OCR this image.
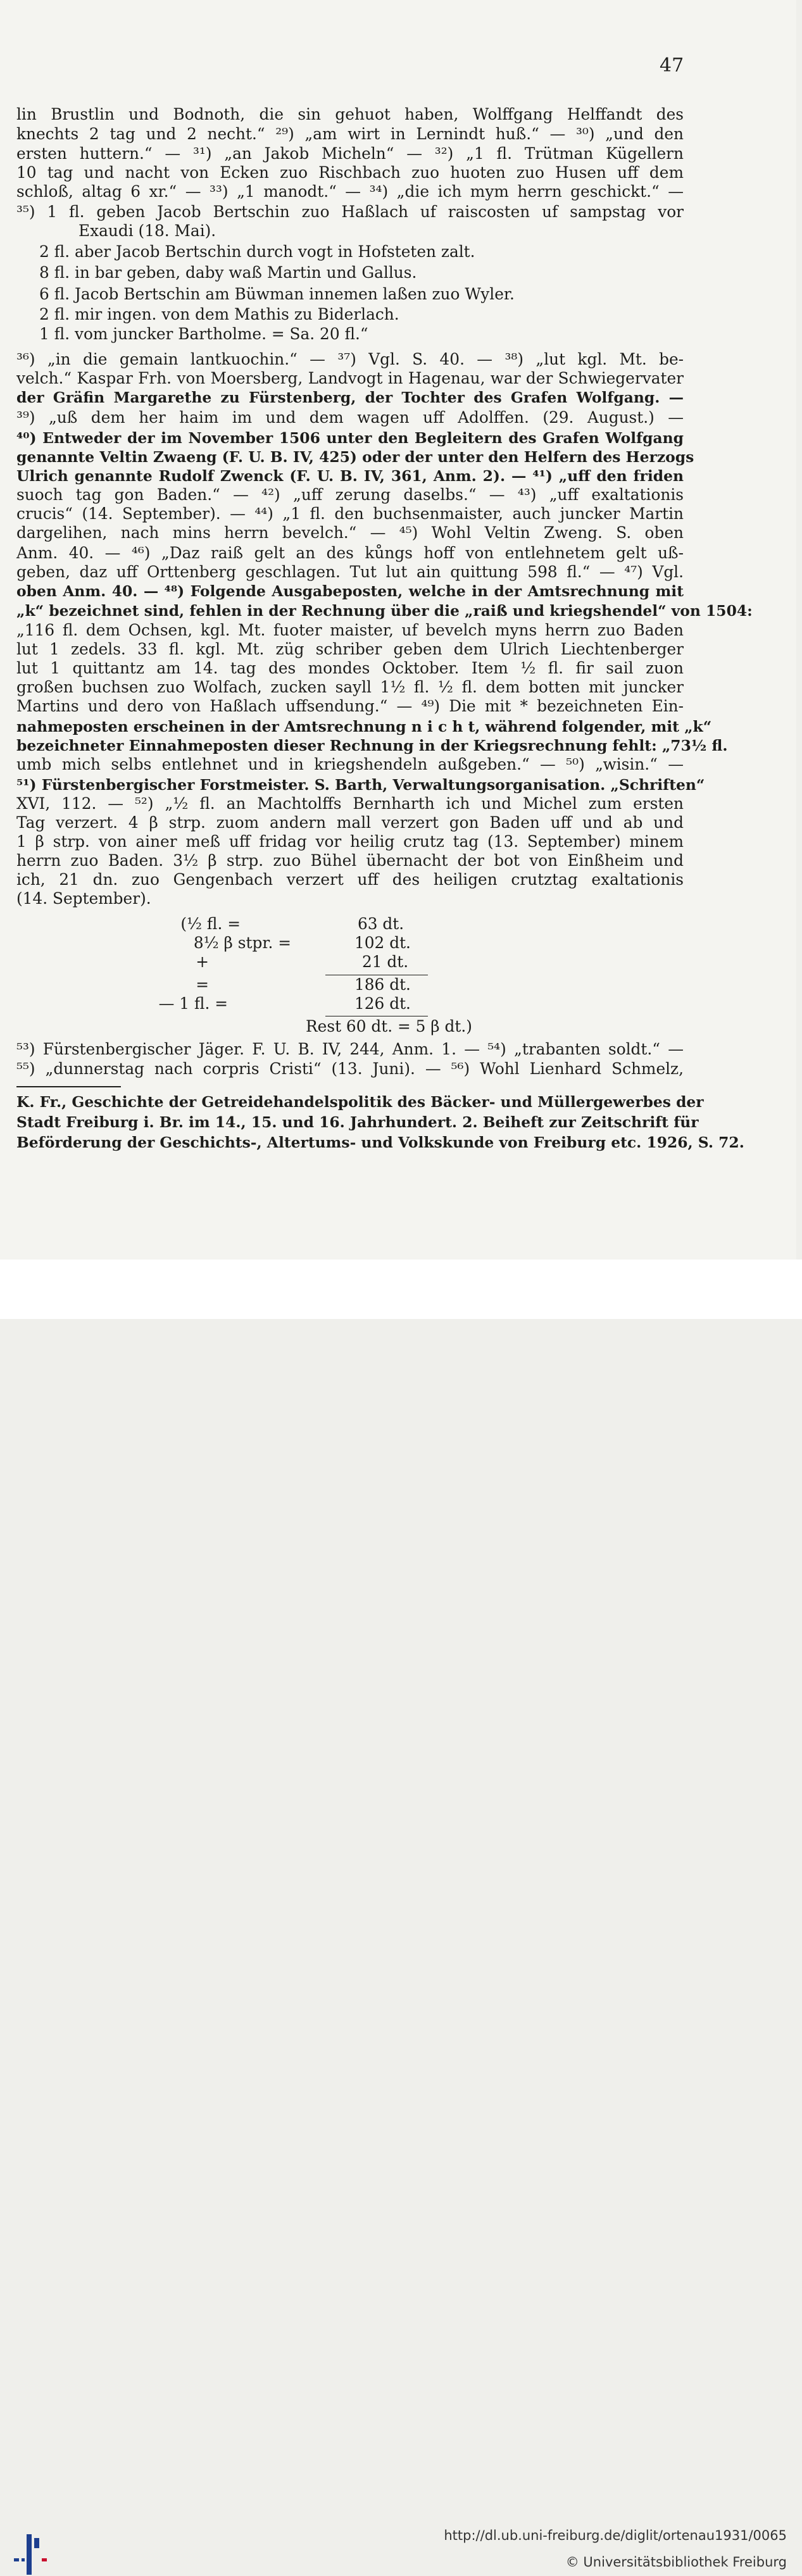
47
lin Brustlin und Bodnoth, die sin gehuot haben, Wolffgang Helffandt des
knechts 2 tag und 2 necht.“ ²⁹) „am wirt in Lernindt huß.“ — ³⁰) „und den
ersten huttern.“ — ³¹) „an Jakob Micheln“ — ³²) „1 fl. Trütman Kügellern
10 tag und nacht von Ecken zuo Rischbach zuo huoten zuo Husen uff dem
schloß, altag 6 xr.“ — ³³) „1 manodt.“ — ³⁴) „die ich mym herrn geschickt.“ —
³⁵) 1 fl. geben Jacob Bertschin zuo Haßlach uf raiscosten uf sampstag vor
Exaudi (18. Mai).
2 fl. aber Jacob Bertschin durch vogt in Hofsteten zalt.
8 fl. in bar geben, daby waß Martin und Gallus.
6 fl. Jacob Bertschin am Büwman innemen laßen zuo Wyler.
2 fl. mir ingen. von dem Mathis zu Biderlach.
1 fl. vom juncker Bartholme. = Sa. 20 fl.“
³⁶) „in die gemain lantkuochin.“ — ³⁷) Vgl. S. 40. — ³⁸) „lut kgl. Mt. be-
velch.“ Kaspar Frh. von Moersberg, Landvogt in Hagenau, war der Schwiegervater
der Gräfin Margarethe zu Fürstenberg, der Tochter des Grafen Wolfgang. —
³⁹) „uß dem her haim im und dem wagen uff Adolffen. (29. August.) —
⁴⁰) Entweder der im November 1506 unter den Begleitern des Grafen Wolfgang
genannte Veltin Zwaeng (F. U. B. IV, 425) oder der unter den Helfern des Herzogs
Ulrich genannte Rudolf Zwenck (F. U. B. IV, 361, Anm. 2). — ⁴¹) „uff den friden
suoch tag gon Baden.“ — ⁴²) „uff zerung daselbs.“ — ⁴³) „uff exaltationis
crucis“ (14. September). — ⁴⁴) „1 fl. den buchsenmaister, auch juncker Martin
dargelihen, nach mins herrn bevelch.“ — ⁴⁵) Wohl Veltin Zweng. S. oben
Anm. 40. — ⁴⁶) „Daz raiß gelt an des kůngs hoff von entlehnetem gelt uß-
geben, daz uff Orttenberg geschlagen. Tut lut ain quittung 598 fl.“ — ⁴⁷) Vgl.
oben Anm. 40. — ⁴⁸) Folgende Ausgabeposten, welche in der Amtsrechnung mit
„k“ bezeichnet sind, fehlen in der Rechnung über die „raiß und kriegshendel“ von 1504:
„116 fl. dem Ochsen, kgl. Mt. fuoter maister, uf bevelch myns herrn zuo Baden
lut 1 zedels. 33 fl. kgl. Mt. züg schriber geben dem Ulrich Liechtenberger
lut 1 quittantz am 14. tag des mondes Ocktober. Item ½ fl. fir sail zuon
großen buchsen zuo Wolfach, zucken sayll 1½ fl. ½ fl. dem botten mit juncker
Martins und dero von Haßlach uffsendung.“ — ⁴⁹) Die mit * bezeichneten Ein-
nahmeposten erscheinen in der Amtsrechnung n i c h t, während folgender, mit „k“
bezeichneter Einnahmeposten dieser Rechnung in der Kriegsrechnung fehlt: „73½ fl.
umb mich selbs entlehnet und in kriegshendeln außgeben.“ — ⁵⁰) „wisin.“ —
⁵¹) Fürstenbergischer Forstmeister. S. Barth, Verwaltungsorganisation. „Schriften“
XVI, 112. — ⁵²) „½ fl. an Machtolffs Bernharth ich und Michel zum ersten
Tag verzert. 4 β strp. zuom andern mall verzert gon Baden uff und ab und
1 β strp. von ainer meß uff fridag vor heilig crutz tag (13. September) minem
herrn zuo Baden. 3½ β strp. zuo Bühel übernacht der bot von Einßheim und
ich, 21 dn. zuo Gengenbach verzert uff des heiligen crutztag exaltationis
(14. September).
(½ fl. =	63 dt.
8½ β stpr. =	102 dt.
+	21 dt.
=	186 dt.
— 1 fl. =	126 dt.
Rest 60 dt. = 5 β dt.)
⁵³) Fürstenbergischer Jäger. F. U. B. IV, 244, Anm. 1. — ⁵⁴) „trabanten soldt.“ —
⁵⁵) „dunnerstag nach corpris Cristi“ (13. Juni). — ⁵⁶) Wohl Lienhard Schmelz,
K. Fr., Geschichte der Getreidehandelspolitik des Bäcker- und Müllergewerbes der
Stadt Freiburg i. Br. im 14., 15. und 16. Jahrhundert. 2. Beiheft zur Zeitschrift für
Beförderung der Geschichts-, Altertums- und Volkskunde von Freiburg etc. 1926, S. 72.
http://dl.ub.uni-freiburg.de/diglit/ortenau1931/0065
© Universitätsbibliothek Freiburg
